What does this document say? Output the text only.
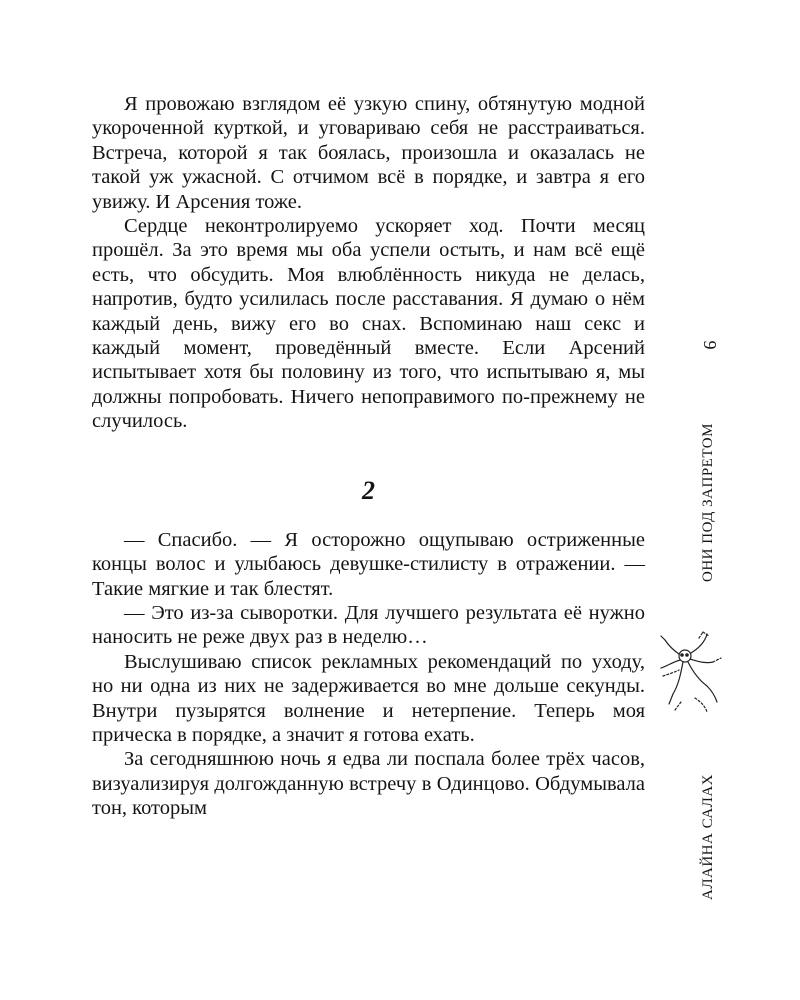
Я провожаю взглядом её узкую спину, обтянутую модной укороченной курткой, и уговариваю себя не расстраиваться. Встреча, которой я так боялась, произошла и оказалась не такой уж ужасной. С отчимом всё в порядке, и завтра я его увижу. И Арсения тоже.

Сердце неконтролируемо ускоряет ход. Почти месяц прошёл. За это время мы оба успели остыть, и нам всё ещё есть, что обсудить. Моя влюблённость никуда не делась, напротив, будто усилилась после расставания. Я думаю о нём каждый день, вижу его во снах. Вспоминаю наш секс и каждый момент, проведённый вместе. Если Арсений испытывает хотя бы половину из того, что испытываю я, мы должны попробовать. Ничего непоправимого по-прежнему не случилось.

2

— Спасибо. — Я осторожно ощупываю остриженные концы волос и улыбаюсь девушке-стилисту в отражении. — Такие мягкие и так блестят.

— Это из-за сыворотки. Для лучшего результата её нужно наносить не реже двух раз в неделю…

Выслушиваю список рекламных рекомендаций по уходу, но ни одна из них не задерживается во мне дольше секунды. Внутри пузырятся волнение и нетерпение. Теперь моя прическа в порядке, а значит я готова ехать.

За сегодняшнюю ночь я едва ли поспала более трёх часов, визуализируя долгожданную встречу в Одинцово. Обдумывала тон, которым

9
ОНИ ПОД ЗАПРЕТОМ
АЛАЙНА САЛАХ
